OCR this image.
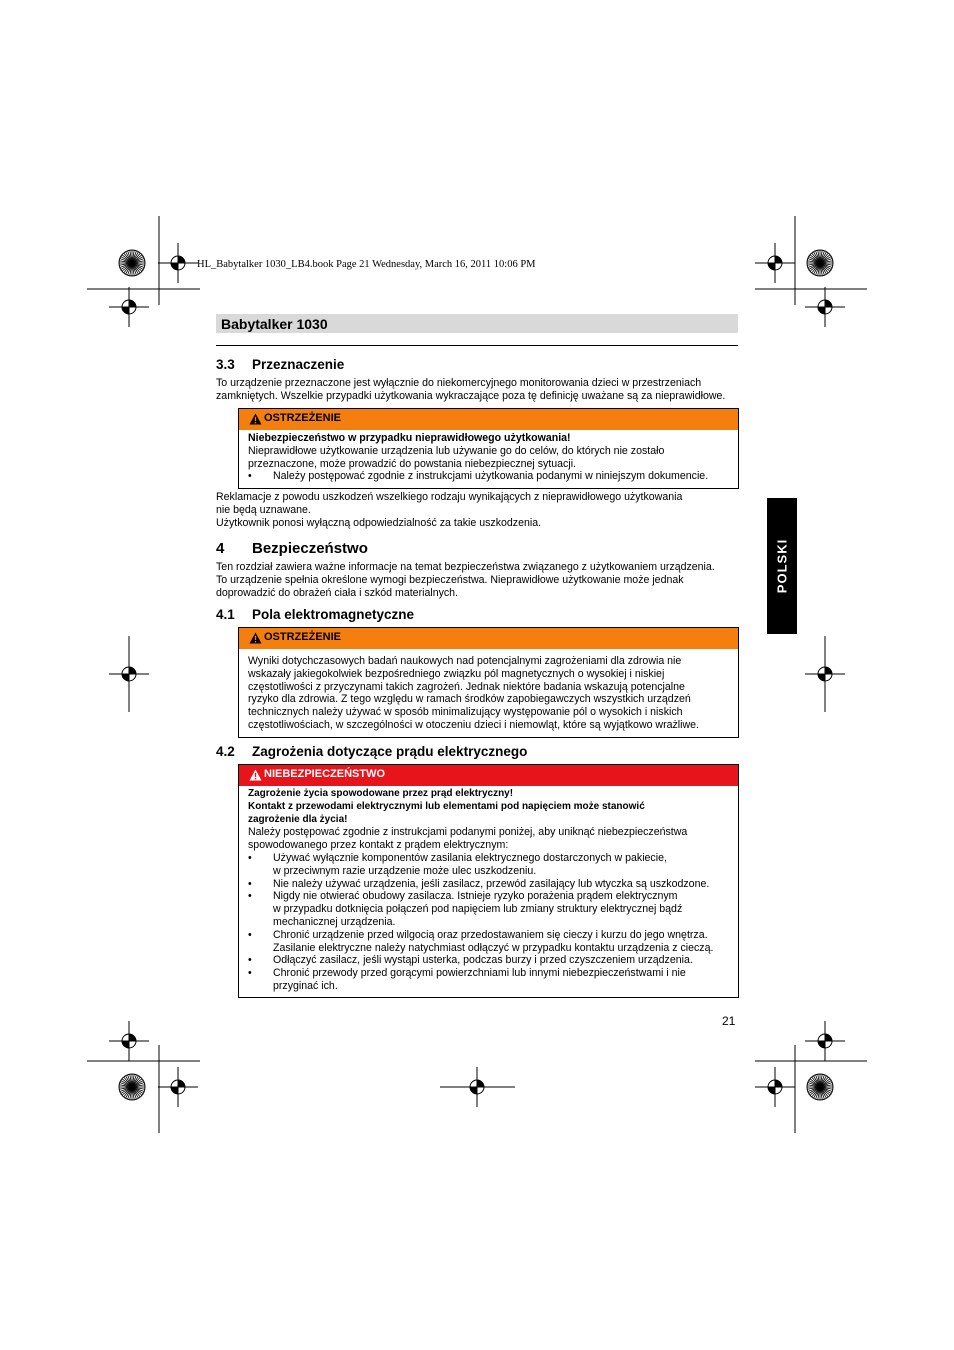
HL_Babytalker 1030_LB4.book Page 21 Wednesday, March 16, 2011 10:06 PM
Babytalker 1030
3.3 Przeznaczenie
To urządzenie przeznaczone jest wyłącznie do niekomercyjnego monitorowania dzieci w przestrzeniach
zamkniętych. Wszelkie przypadki użytkowania wykraczające poza tę definicję uważane są za nieprawidłowe.
OSTRZEŻENIE
Niebezpieczeństwo w przypadku nieprawidłowego użytkowania!
Nieprawidłowe użytkowanie urządzenia lub używanie go do celów, do których nie zostało
przeznaczone, może prowadzić do powstania niebezpiecznej sytuacji.
• Należy postępować zgodnie z instrukcjami użytkowania podanymi w niniejszym dokumencie.
Reklamacje z powodu uszkodzeń wszelkiego rodzaju wynikających z nieprawidłowego użytkowania
nie będą uznawane.
Użytkownik ponosi wyłączną odpowiedzialność za takie uszkodzenia.
4 Bezpieczeństwo
Ten rozdział zawiera ważne informacje na temat bezpieczeństwa związanego z użytkowaniem urządzenia.
To urządzenie spełnia określone wymogi bezpieczeństwa. Nieprawidłowe użytkowanie może jednak
doprowadzić do obrażeń ciała i szkód materialnych.
4.1 Pola elektromagnetyczne
OSTRZEŻENIE
Wyniki dotychczasowych badań naukowych nad potencjalnymi zagrożeniami dla zdrowia nie
wskazały jakiegokolwiek bezpośredniego związku pól magnetycznych o wysokiej i niskiej
częstotliwości z przyczynami takich zagrożeń. Jednak niektóre badania wskazują potencjalne
ryzyko dla zdrowia. Z tego względu w ramach środków zapobiegawczych wszystkich urządzeń
technicznych należy używać w sposób minimalizujący występowanie pól o wysokich i niskich
częstotliwościach, w szczególności w otoczeniu dzieci i niemowląt, które są wyjątkowo wrażliwe.
4.2 Zagrożenia dotyczące prądu elektrycznego
NIEBEZPIECZEŃSTWO
Zagrożenie życia spowodowane przez prąd elektryczny!
Kontakt z przewodami elektrycznymi lub elementami pod napięciem może stanowić
zagrożenie dla życia!
Należy postępować zgodnie z instrukcjami podanymi poniżej, aby uniknąć niebezpieczeństwa
spowodowanego przez kontakt z prądem elektrycznym:
• Używać wyłącznie komponentów zasilania elektrycznego dostarczonych w pakiecie,
w przeciwnym razie urządzenie może ulec uszkodzeniu.
• Nie należy używać urządzenia, jeśli zasilacz, przewód zasilający lub wtyczka są uszkodzone.
• Nigdy nie otwierać obudowy zasilacza. Istnieje ryzyko porażenia prądem elektrycznym
w przypadku dotknięcia połączeń pod napięciem lub zmiany struktury elektrycznej bądź
mechanicznej urządzenia.
• Chronić urządzenie przed wilgocią oraz przedostawaniem się cieczy i kurzu do jego wnętrza.
Zasilanie elektryczne należy natychmiast odłączyć w przypadku kontaktu urządzenia z cieczą.
• Odłączyć zasilacz, jeśli wystąpi usterka, podczas burzy i przed czyszczeniem urządzenia.
• Chronić przewody przed gorącymi powierzchniami lub innymi niebezpieczeństwami i nie
przyginać ich.
POLSKI
21
